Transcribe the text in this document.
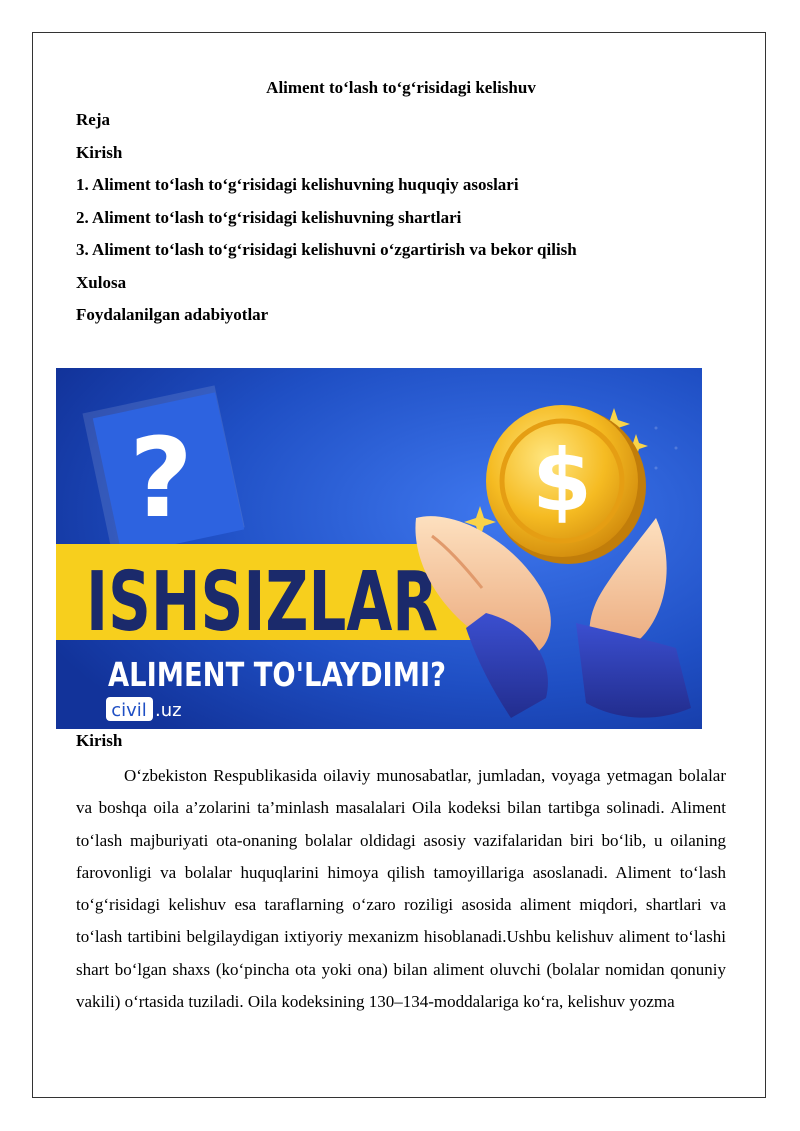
Aliment to‘lash to‘g‘risidagi kelishuv

Reja

Kirish
1. Aliment to‘lash to‘g‘risidagi kelishuvning huquqiy asoslari
2. Aliment to‘lash to‘g‘risidagi kelishuvning shartlari
3. Aliment to‘lash to‘g‘risidagi kelishuvni o‘zgartirish va bekor qilish
Xulosa
Foydalanilgan adabiyotlar
?
ISHSIZLAR
ALIMENT TO'LAYDIMI?
civil .uz
$

Kirish

O‘zbekiston Respublikasida oilaviy munosabatlar, jumladan, voyaga yetmagan bolalar va boshqa oila a’zolarini ta’minlash masalalari Oila kodeksi bilan tartibga solinadi. Aliment to‘lash majburiyati ota-onaning bolalar oldidagi asosiy vazifalaridan biri bo‘lib, u oilaning farovonligi va bolalar huquqlarini himoya qilish tamoyillariga asoslanadi. Aliment to‘lash to‘g‘risidagi kelishuv esa taraflarning o‘zaro roziligi asosida aliment miqdori, shartlari va to‘lash tartibini belgilaydigan ixtiyoriy mexanizm hisoblanadi.Ushbu kelishuv aliment to‘lashi shart bo‘lgan shaxs (ko‘pincha ota yoki ona) bilan aliment oluvchi (bolalar nomidan qonuniy vakili) o‘rtasida tuziladi. Oila kodeksining 130–134-moddalariga ko‘ra, kelishuv yozma
